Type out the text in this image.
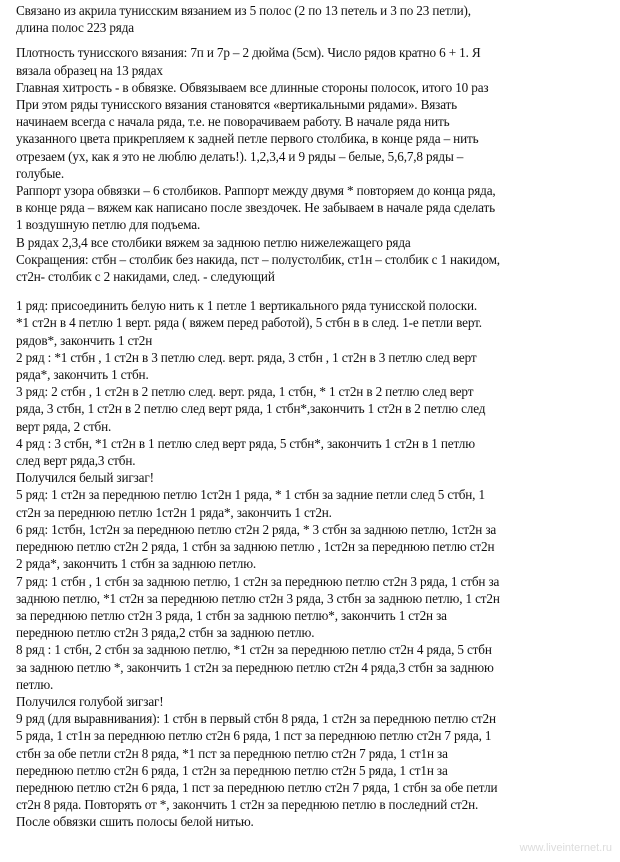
Связано из акрила тунисским вязанием из 5 полос (2 по 13 петель и 3 по 23 петли),
длина полос 223 ряда
Плотность тунисского вязания: 7п и 7р – 2 дюйма (5см). Число рядов кратно 6 + 1. Я
вязала образец на 13 рядах
Главная хитрость - в обвязке. Обвязываем все длинные стороны полосок, итого 10 раз
При этом ряды тунисского вязания становятся «вертикальными рядами». Вязать
начинаем всегда с начала ряда, т.е. не поворачиваем работу. В начале ряда нить
указанного цвета прикрепляем к задней петле первого столбика, в конце ряда – нить
отрезаем (ух, как я это не люблю делать!). 1,2,3,4 и 9 ряды – белые, 5,6,7,8 ряды –
голубые.
Раппорт узора обвязки – 6 столбиков. Раппорт между двумя * повторяем до конца ряда,
в конце ряда – вяжем как написано после звездочек. Не забываем в начале ряда сделать
1 воздушную петлю для подъема.
В рядах 2,3,4 все столбики вяжем за заднюю петлю нижележащего ряда
Сокращения: стбн – столбик без накида, пст – полустолбик, ст1н – столбик с 1 накидом,
ст2н- столбик с 2 накидами, след. - следующий
1 ряд: присоединить белую нить к 1 петле 1 вертикального ряда тунисской полоски.
*1 ст2н в 4 петлю 1 верт. ряда ( вяжем перед работой), 5 стбн в в след. 1-е петли верт.
рядов*, закончить 1 ст2н
2 ряд : *1 стбн , 1 ст2н в 3 петлю след. верт. ряда, 3 стбн , 1 ст2н в 3 петлю след верт
ряда*, закончить 1 стбн.
3 ряд: 2 стбн , 1 ст2н в 2 петлю след. верт. ряда, 1 стбн, * 1 ст2н в 2 петлю след верт
ряда, 3 стбн, 1 ст2н в 2 петлю след верт ряда, 1 стбн*,закончить 1 ст2н в 2 петлю след
верт ряда, 2 стбн.
4 ряд : 3 стбн, *1 ст2н в 1 петлю след верт ряда, 5 стбн*, закончить 1 ст2н в 1 петлю
след верт ряда,3 стбн.
Получился белый зигзаг!
5 ряд: 1 ст2н за переднюю петлю 1ст2н 1 ряда, * 1 стбн за задние петли след 5 стбн, 1
ст2н за переднюю петлю 1ст2н 1 ряда*, закончить 1 ст2н.
6 ряд: 1стбн, 1ст2н за переднюю петлю ст2н 2 ряда, * 3 стбн за заднюю петлю, 1ст2н за
переднюю петлю ст2н 2 ряда, 1 стбн за заднюю петлю , 1ст2н за переднюю петлю ст2н
2 ряда*, закончить 1 стбн за заднюю петлю.
7 ряд: 1 стбн , 1 стбн за заднюю петлю, 1 ст2н за переднюю петлю ст2н 3 ряда, 1 стбн за
заднюю петлю, *1 ст2н за переднюю петлю ст2н 3 ряда, 3 стбн за заднюю петлю, 1 ст2н
за переднюю петлю ст2н 3 ряда, 1 стбн за заднюю петлю*, закончить 1 ст2н за
переднюю петлю ст2н 3 ряда,2 стбн за заднюю петлю.
8 ряд : 1 стбн, 2 стбн за заднюю петлю, *1 ст2н за переднюю петлю ст2н 4 ряда, 5 стбн
за заднюю петлю *, закончить 1 ст2н за переднюю петлю ст2н 4 ряда,3 стбн за заднюю
петлю.
Получился голубой зигзаг!
9 ряд (для выравнивания): 1 стбн в первый стбн 8 ряда, 1 ст2н за переднюю петлю ст2н
5 ряда, 1 ст1н за переднюю петлю ст2н 6 ряда, 1 пст за переднюю петлю ст2н 7 ряда, 1
стбн за обе петли ст2н 8 ряда, *1 пст за переднюю петлю ст2н 7 ряда, 1 ст1н за
переднюю петлю ст2н 6 ряда, 1 ст2н за переднюю петлю ст2н 5 ряда, 1 ст1н за
переднюю петлю ст2н 6 ряда, 1 пст за переднюю петлю ст2н 7 ряда, 1 стбн за обе петли
ст2н 8 ряда. Повторять от *, закончить 1 ст2н за переднюю петлю в последний ст2н.
После обвязки сшить полосы белой нитью.
www.liveinternet.ru
